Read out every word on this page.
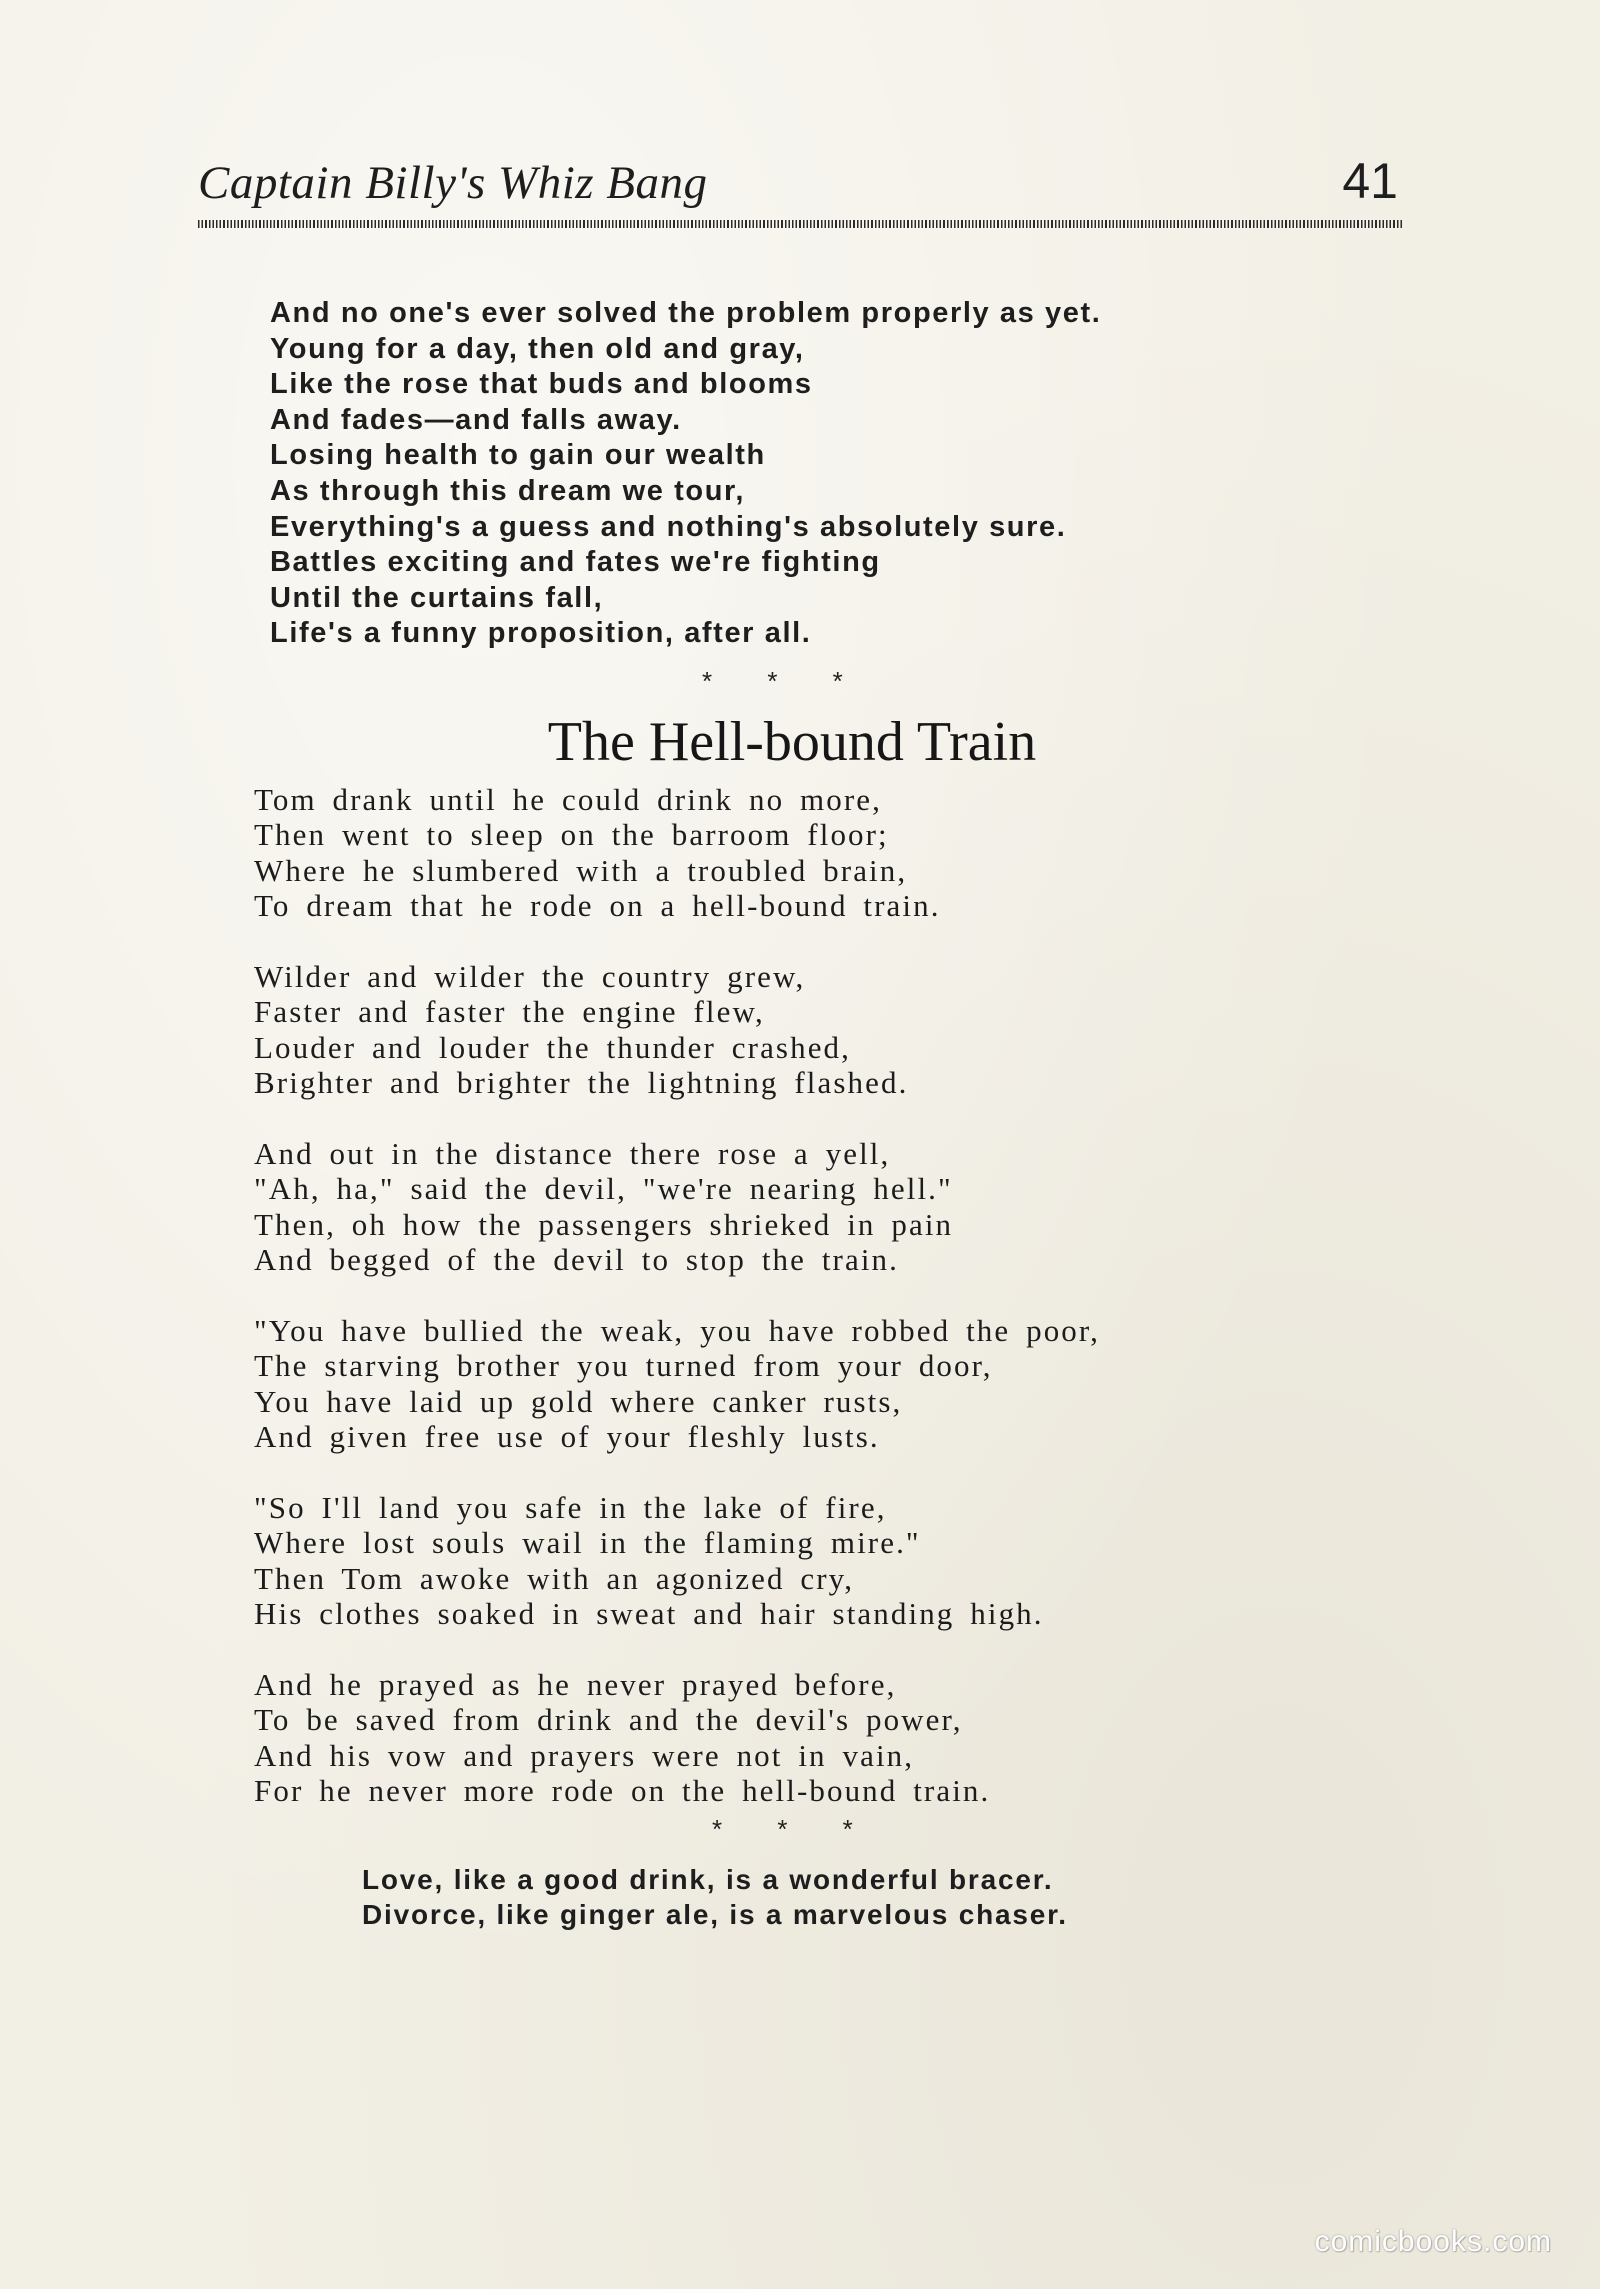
Captain Billy's Whiz Bang	41
And no one's ever solved the problem properly as yet.
Young for a day, then old and gray,
Like the rose that buds and blooms
And fades—and falls away.
Losing health to gain our wealth
As through this dream we tour,
Everything's a guess and nothing's absolutely sure.
Battles exciting and fates we're fighting
Until the curtains fall,
Life's a funny proposition, after all.
* * *
The Hell-bound Train
Tom drank until he could drink no more,
Then went to sleep on the barroom floor;
Where he slumbered with a troubled brain,
To dream that he rode on a hell-bound train.
Wilder and wilder the country grew,
Faster and faster the engine flew,
Louder and louder the thunder crashed,
Brighter and brighter the lightning flashed.
And out in the distance there rose a yell,
"Ah, ha," said the devil, "we're nearing hell."
Then, oh how the passengers shrieked in pain
And begged of the devil to stop the train.
"You have bullied the weak, you have robbed the poor,
The starving brother you turned from your door,
You have laid up gold where canker rusts,
And given free use of your fleshly lusts.
"So I'll land you safe in the lake of fire,
Where lost souls wail in the flaming mire."
Then Tom awoke with an agonized cry,
His clothes soaked in sweat and hair standing high.
And he prayed as he never prayed before,
To be saved from drink and the devil's power,
And his vow and prayers were not in vain,
For he never more rode on the hell-bound train.
* * *
Love, like a good drink, is a wonderful bracer.
Divorce, like ginger ale, is a marvelous chaser.
comicbooks.com
